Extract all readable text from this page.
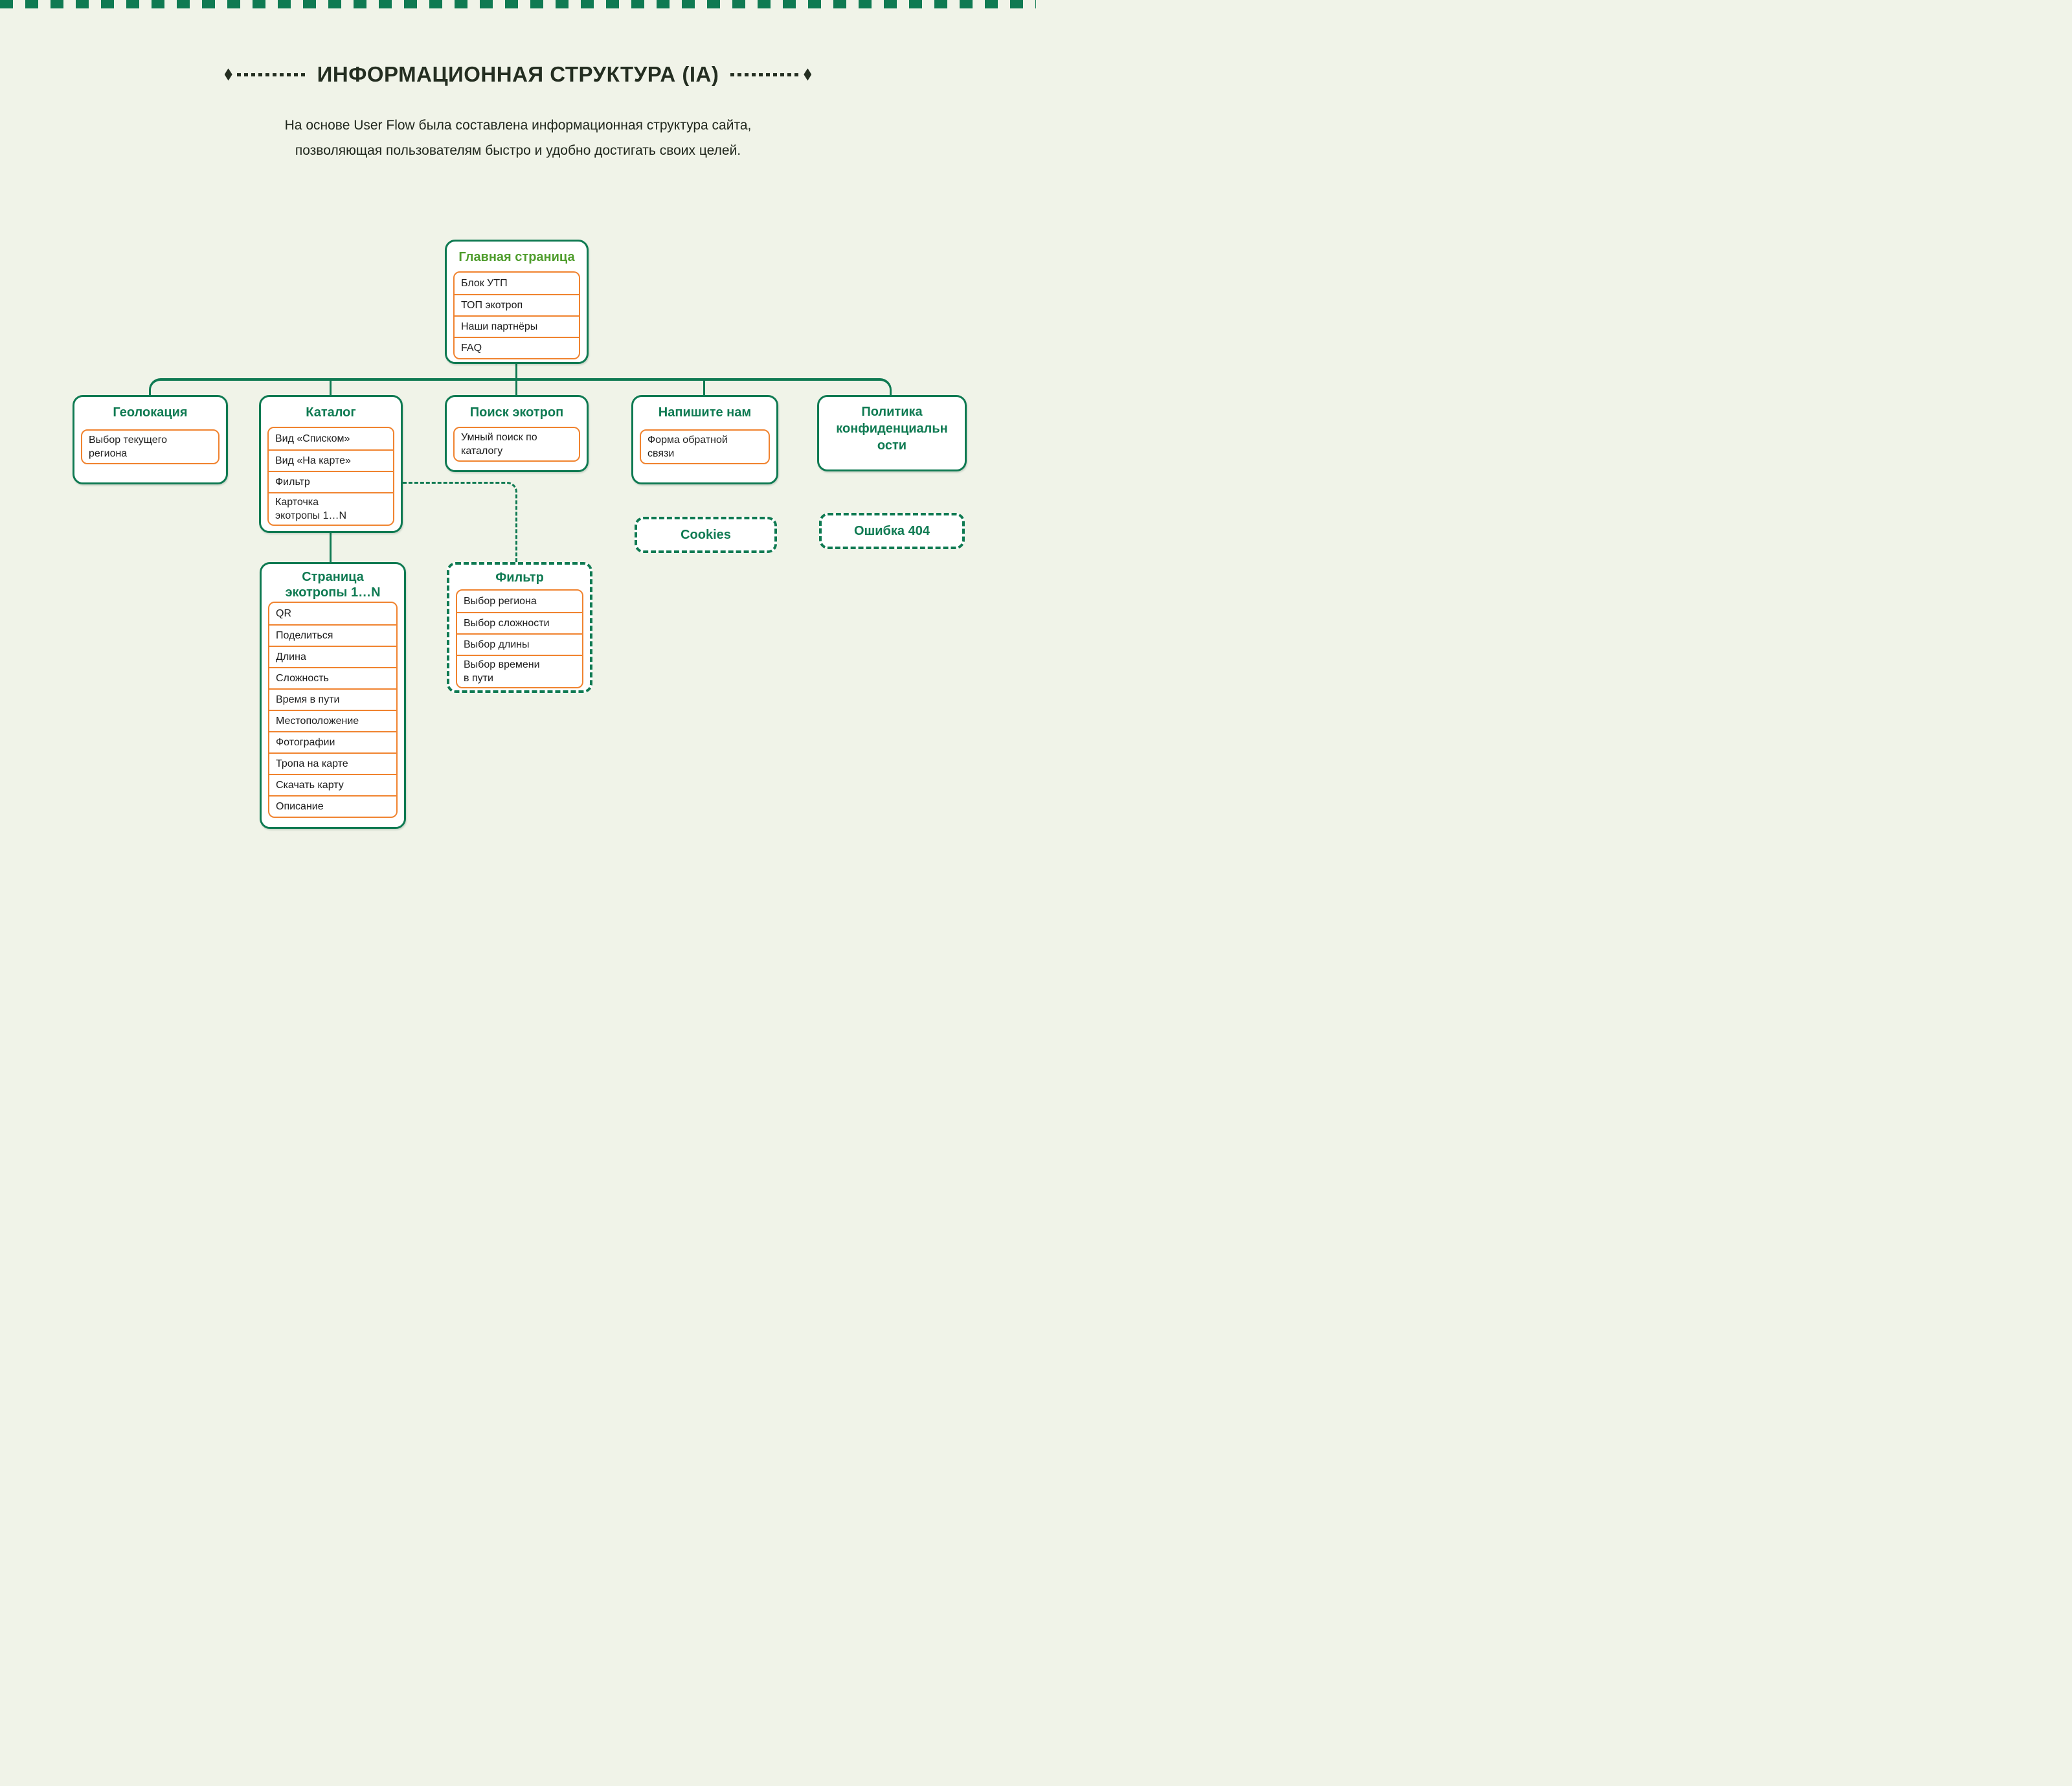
ИНФОРМАЦИОННАЯ СТРУКТУРА (IA)
На основе User Flow была составлена информационная структура сайта,
позволяющая пользователям быстро и удобно достигать своих целей.
Главная страница
Блок УТП
ТОП экотроп
Наши партнёры
FAQ
Геолокация
Выбор текущего
региона
Каталог
Вид «Списком»
Вид «На карте»
Фильтр
Карточка
экотропы 1…N
Поиск экотроп
Умный поиск по
каталогу
Напишите нам
Форма обратной
связи
Политика
конфиденциальн
ости
Cookies	Ошибка 404
Страница
экотропы 1…N
QR
Поделиться
Длина
Сложность
Время в пути
Местоположение
Фотографии
Тропа на карте
Скачать карту
Описание
Фильтр
Выбор региона
Выбор сложности
Выбор длины
Выбор времени
в пути
